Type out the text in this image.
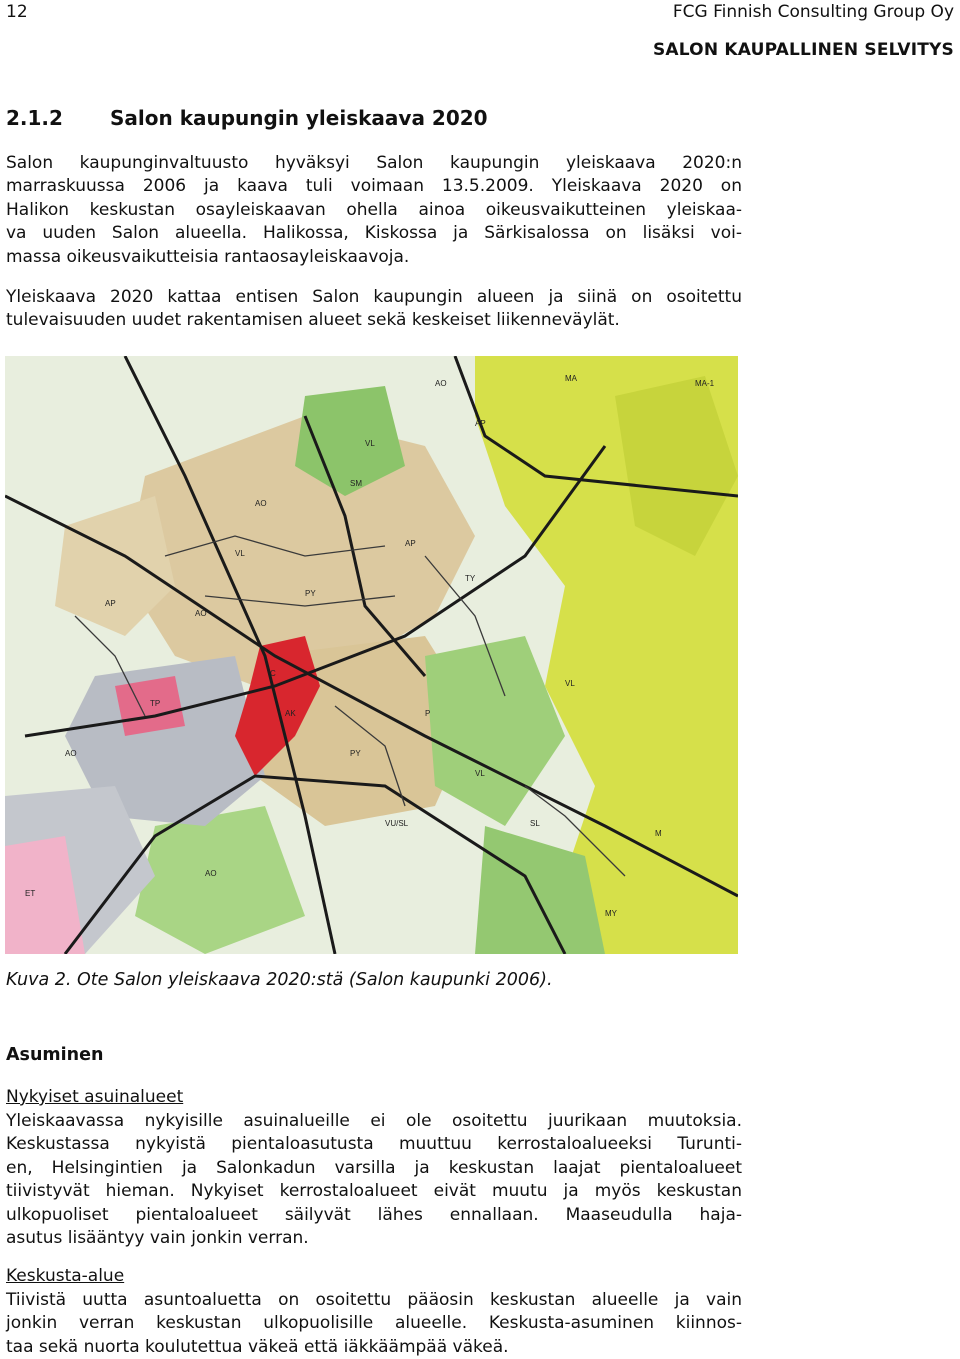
12	FCG Finnish Consulting Group Oy
SALON KAUPALLINEN SELVITYS
2.1.2 Salon kaupungin yleiskaava 2020
Salon kaupunginvaltuusto hyväksyi Salon kaupungin yleiskaava 2020:n
marraskuussa 2006 ja kaava tuli voimaan 13.5.2009. Yleiskaava 2020 on
Halikon keskustan osayleiskaavan ohella ainoa oikeusvaikutteinen yleiskaa-
va uuden Salon alueella. Halikossa, Kiskossa ja Särkisalossa on lisäksi voi-
massa oikeusvaikutteisia rantaosayleiskaavoja.
Yleiskaava 2020 kattaa entisen Salon kaupungin alueen ja siinä on osoitettu
tulevaisuuden uudet rakentamisen alueet sekä keskeiset liikenneväylät.
MA
MA-1
AO
AP
VL
AO
SM
AP
VL
TY
AO
PY
TP
AK
C
P
PY
VL
ET
M
AO
SL
MY
VU/SL
AP
VL
AO
Kuva 2. Ote Salon yleiskaava 2020:stä (Salon kaupunki 2006).
Asuminen
Nykyiset asuinalueet
Yleiskaavassa nykyisille asuinalueille ei ole osoitettu juurikaan muutoksia.
Keskustassa nykyistä pientaloasutusta muuttuu kerrostaloalueeksi Turunti-
en, Helsingintien ja Salonkadun varsilla ja keskustan laajat pientaloalueet
tiivistyvät hieman. Nykyiset kerrostaloalueet eivät muutu ja myös keskustan
ulkopuoliset pientaloalueet säilyvät lähes ennallaan. Maaseudulla haja-
asutus lisääntyy vain jonkin verran.
Keskusta-alue
Tiivistä uutta asuntoaluetta on osoitettu pääosin keskustan alueelle ja vain
jonkin verran keskustan ulkopuolisille alueelle. Keskusta-asuminen kiinnos-
taa sekä nuorta koulutettua väkeä että iäkkäämpää väkeä.
